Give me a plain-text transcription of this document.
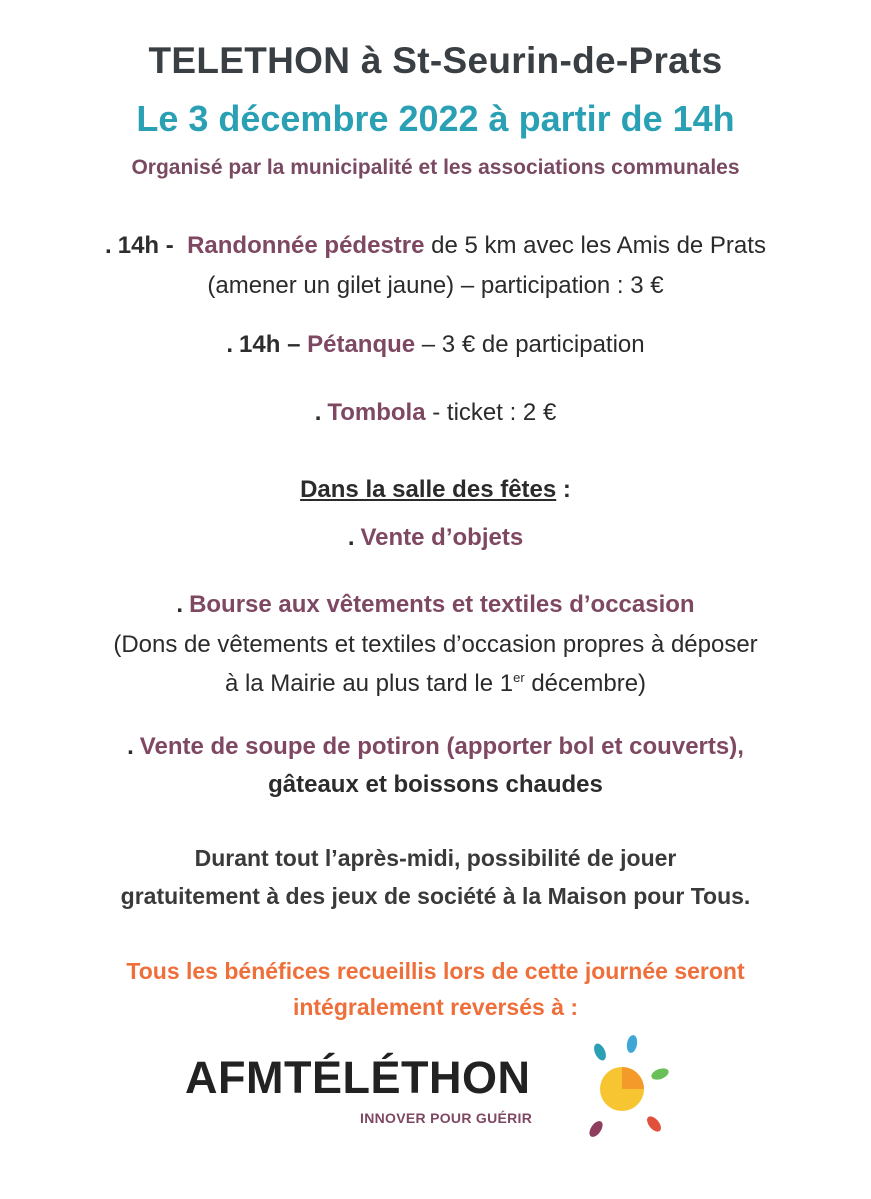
TELETHON à St-Seurin-de-Prats
Le 3 décembre 2022 à partir de 14h
Organisé par la municipalité et les associations communales
. 14h - Randonnée pédestre de 5 km avec les Amis de Prats
(amener un gilet jaune) – participation : 3 €
. 14h – Pétanque – 3 € de participation
. Tombola - ticket : 2 €
Dans la salle des fêtes :
. Vente d’objets
. Bourse aux vêtements et textiles d’occasion
(Dons de vêtements et textiles d’occasion propres à déposer
à la Mairie au plus tard le 1er décembre)
. Vente de soupe de potiron (apporter bol et couverts),
gâteaux et boissons chaudes
Durant tout l’après-midi, possibilité de jouer
gratuitement à des jeux de société à la Maison pour Tous.
Tous les bénéfices recueillis lors de cette journée seront
intégralement reversés à :
AFMTÉLÉTHON
INNOVER POUR GUÉRIR
